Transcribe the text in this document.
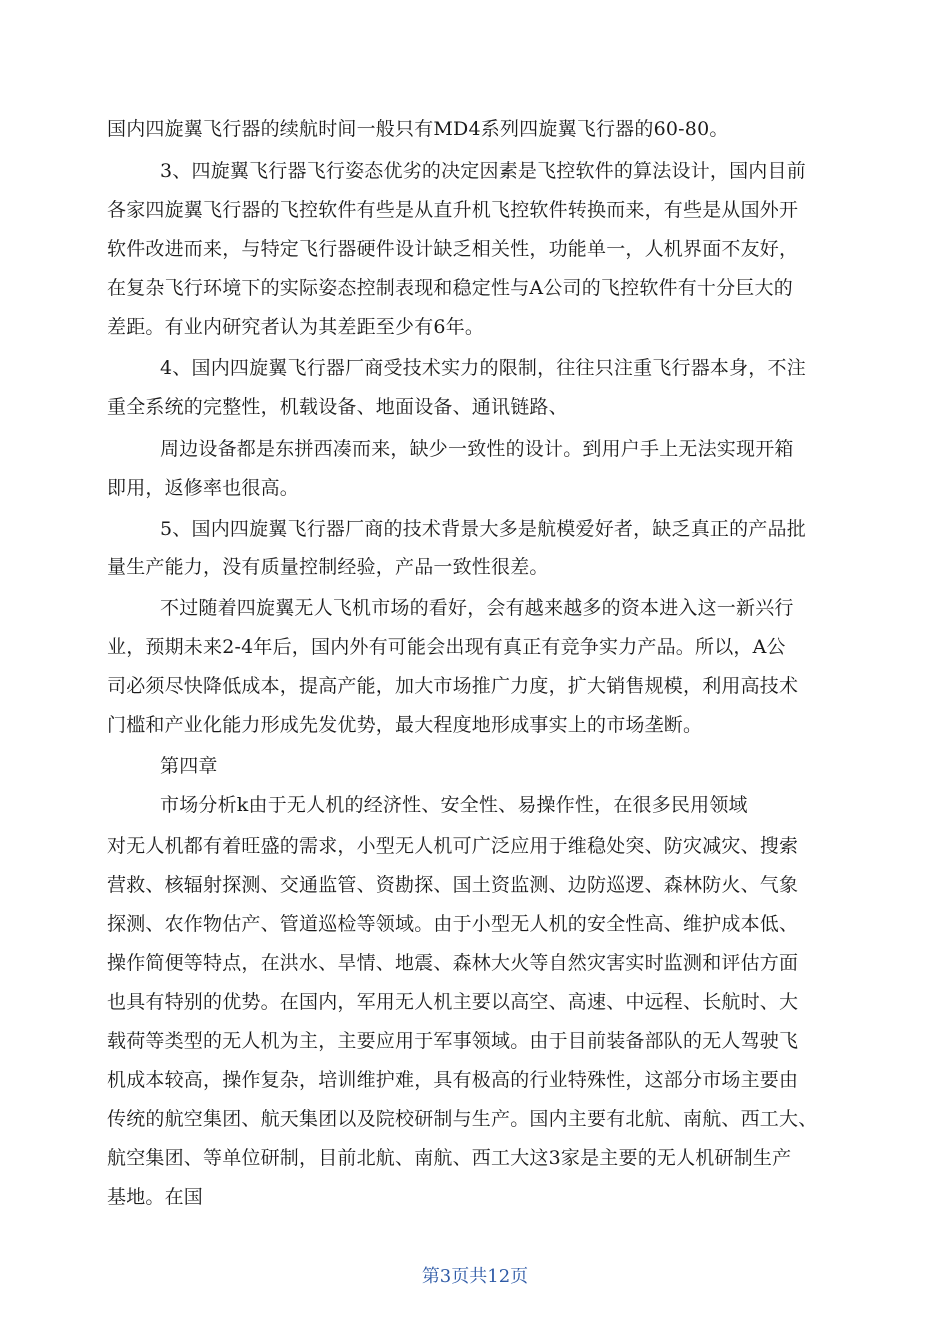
国内四旋翼飞行器的续航时间一般只有MD4系列四旋翼飞行器的60-80。
3、四旋翼飞行器飞行姿态优劣的决定因素是飞控软件的算法设计，国内目前
各家四旋翼飞行器的飞控软件有些是从直升机飞控软件转换而来，有些是从国外开
软件改进而来，与特定飞行器硬件设计缺乏相关性，功能单一，人机界面不友好，
在复杂飞行环境下的实际姿态控制表现和稳定性与A公司的飞控软件有十分巨大的
差距。有业内研究者认为其差距至少有6年。
4、国内四旋翼飞行器厂商受技术实力的限制，往往只注重飞行器本身，不注
重全系统的完整性，机载设备、地面设备、通讯链路、
周边设备都是东拼西凑而来，缺少一致性的设计。到用户手上无法实现开箱
即用，返修率也很高。
5、国内四旋翼飞行器厂商的技术背景大多是航模爱好者，缺乏真正的产品批
量生产能力，没有质量控制经验，产品一致性很差。
不过随着四旋翼无人飞机市场的看好，会有越来越多的资本进入这一新兴行
业，预期未来2-4年后，国内外有可能会出现有真正有竞争实力产品。所以，A公
司必须尽快降低成本，提高产能，加大市场推广力度，扩大销售规模，利用高技术
门槛和产业化能力形成先发优势，最大程度地形成事实上的市场垄断。
第四章
市场分析k由于无人机的经济性、安全性、易操作性，在很多民用领域
对无人机都有着旺盛的需求，小型无人机可广泛应用于维稳处突、防灾减灾、搜索
营救、核辐射探测、交通监管、资勘探、国土资监测、边防巡逻、森林防火、气象
探测、农作物估产、管道巡检等领域。由于小型无人机的安全性高、维护成本低、
操作简便等特点，在洪水、旱情、地震、森林大火等自然灾害实时监测和评估方面
也具有特别的优势。在国内，军用无人机主要以高空、高速、中远程、长航时、大
载荷等类型的无人机为主，主要应用于军事领域。由于目前装备部队的无人驾驶飞
机成本较高，操作复杂，培训维护难，具有极高的行业特殊性，这部分市场主要由
传统的航空集团、航天集团以及院校研制与生产。国内主要有北航、南航、西工大、
航空集团、等单位研制，目前北航、南航、西工大这3家是主要的无人机研制生产
基地。在国
第3页共12页
